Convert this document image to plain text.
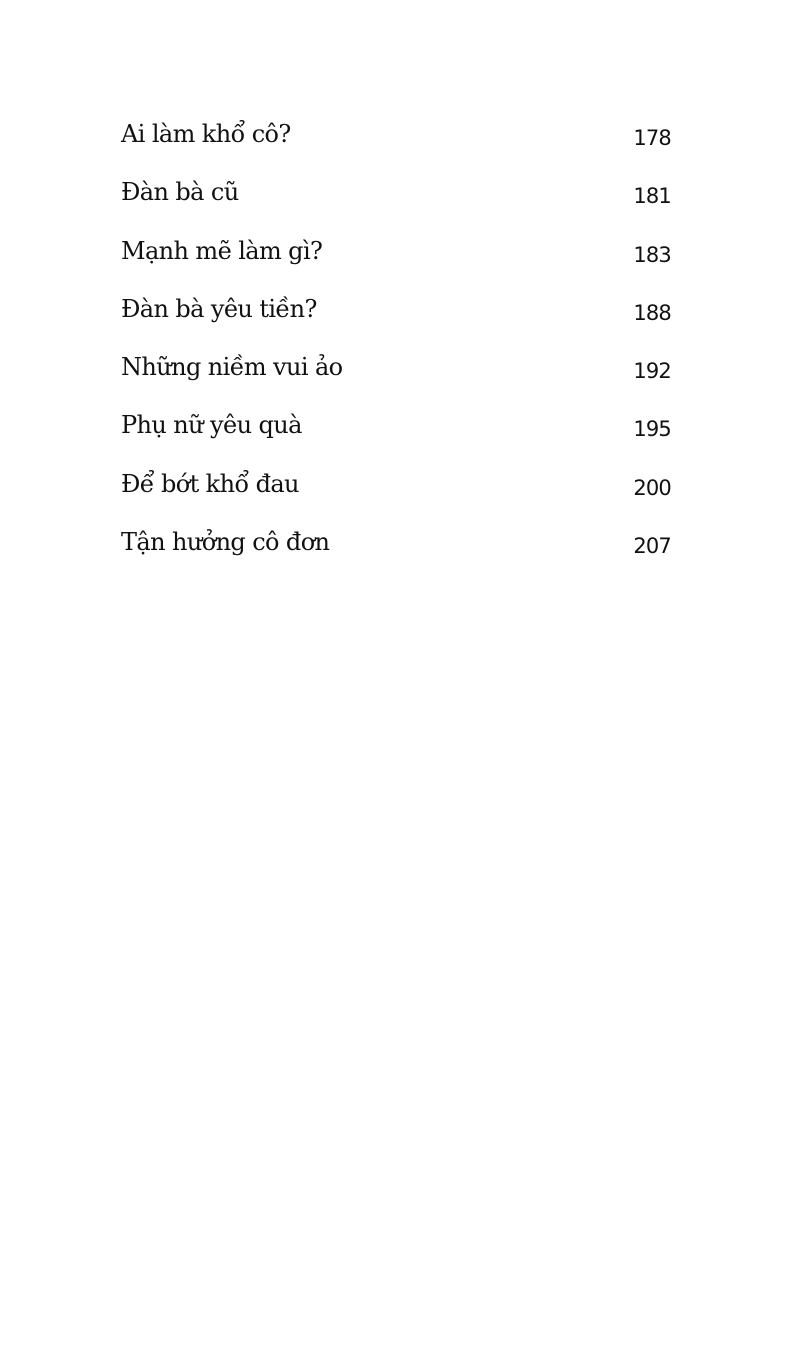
Ai làm khổ cô?	178
Đàn bà cũ	181
Mạnh mẽ làm gì?	183
Đàn bà yêu tiền?	188
Những niềm vui ảo	192
Phụ nữ yêu quà	195
Để bớt khổ đau	200
Tận hưởng cô đơn	207
